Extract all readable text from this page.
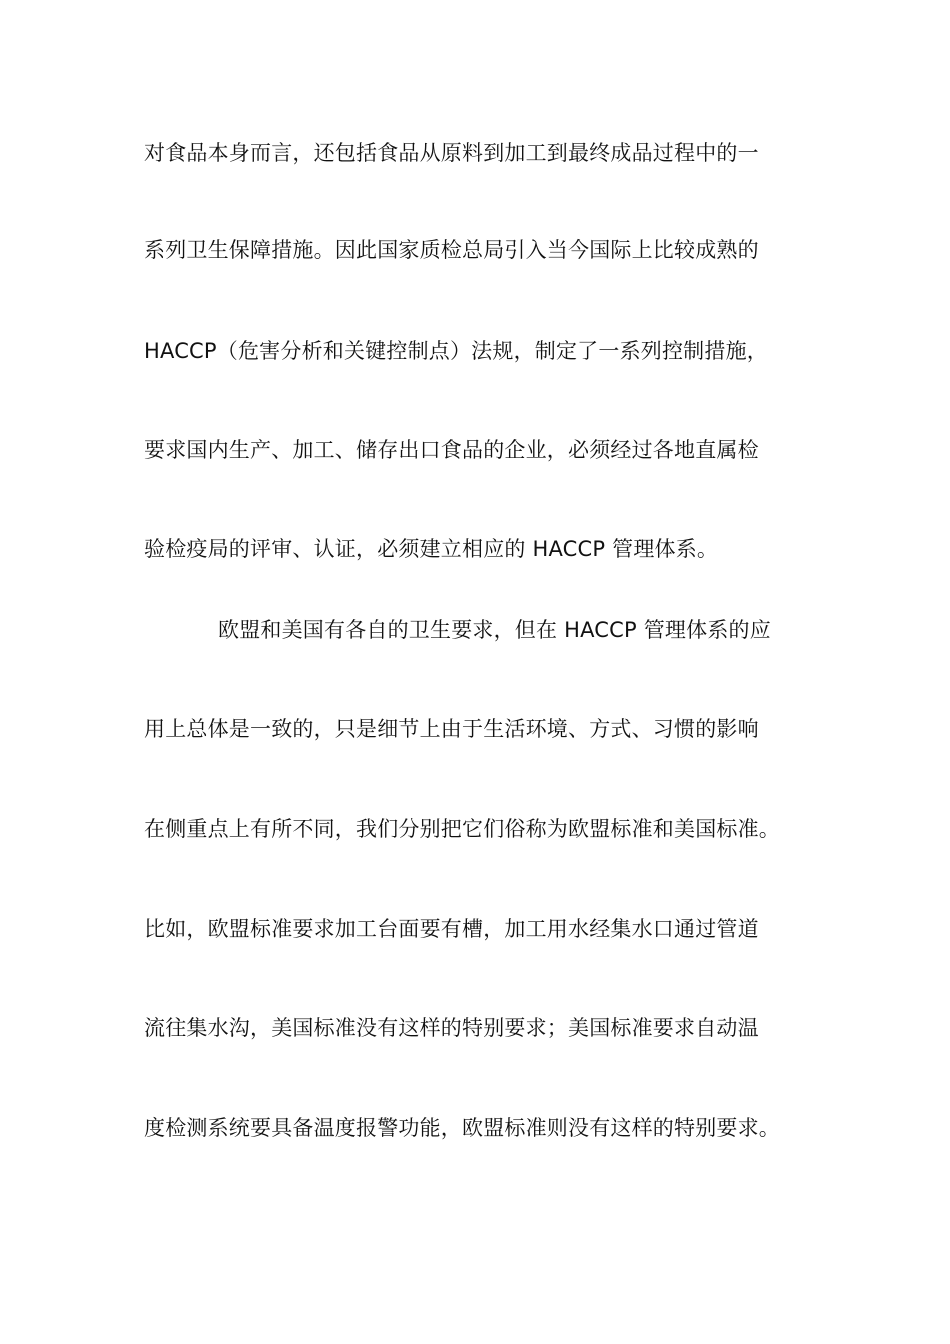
对食品本身而言，还包括食品从原料到加工到最终成品过程中的一
系列卫生保障措施。因此国家质检总局引入当今国际上比较成熟的
HACCP（危害分析和关键控制点）法规，制定了一系列控制措施，
要求国内生产、加工、储存出口食品的企业，必须经过各地直属检
验检疫局的评审、认证，必须建立相应的 HACCP 管理体系。
欧盟和美国有各自的卫生要求，但在 HACCP 管理体系的应
用上总体是一致的，只是细节上由于生活环境、方式、习惯的影响
在侧重点上有所不同，我们分别把它们俗称为欧盟标准和美国标准。
比如，欧盟标准要求加工台面要有槽，加工用水经集水口通过管道
流往集水沟，美国标准没有这样的特别要求；美国标准要求自动温
度检测系统要具备温度报警功能，欧盟标准则没有这样的特别要求。
